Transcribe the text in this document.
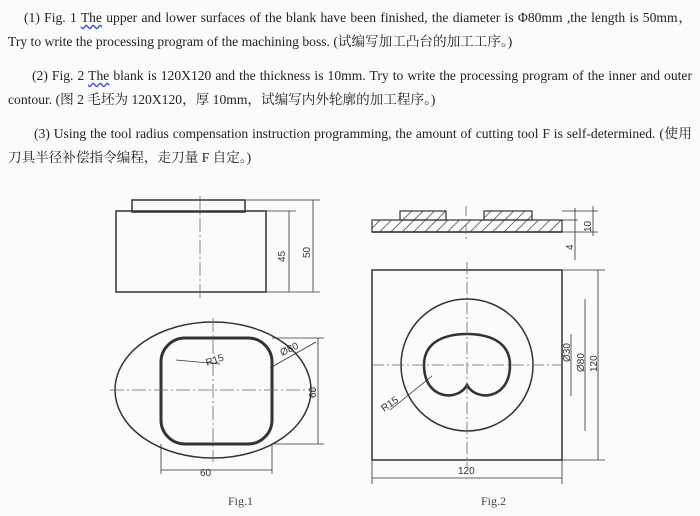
(1) Fig. 1 The upper and lower surfaces of the blank have been finished, the diameter is Φ80mm ,the length is 50mm， Try to write the processing program of the machining boss. (试编写加工凸台的加工工序。)
(2) Fig. 2 The blank is 120X120 and the thickness is 10mm. Try to write the processing program of the inner and outer contour. (图 2 毛坯为 120X120，厚 10mm，试编写内外轮廓的加工程序。)
(3) Using the tool radius compensation instruction programming, the amount of cutting tool F is self-determined. (使用刀具半径补偿指令编程，走刀量 F 自定。)
45 50
R15
Ø80
60
60
4
10
R15
Ø30
Ø80 120
120
Fig.1	Fig.2
